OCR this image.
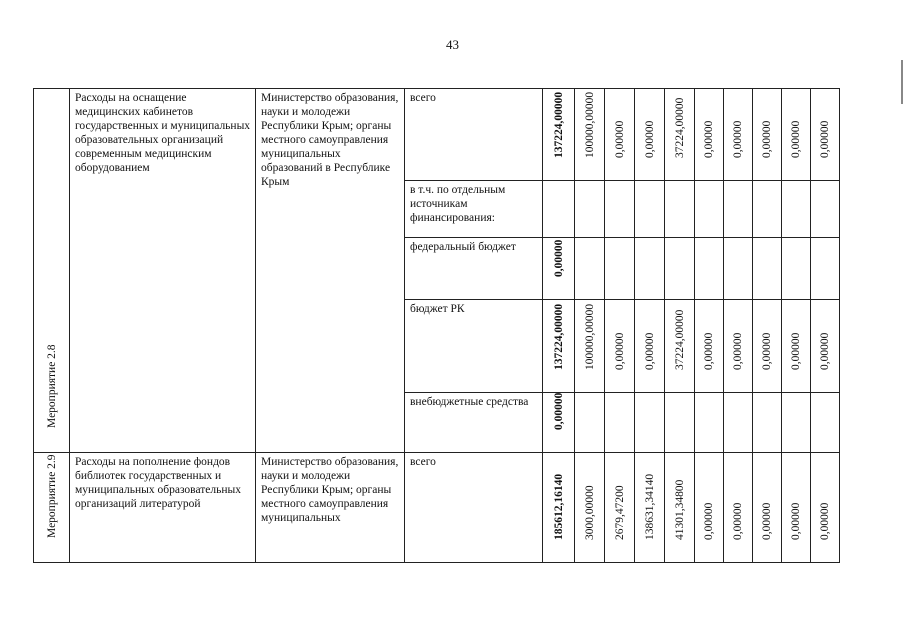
43
Мероприятие 2.8	Расходы на оснащение медицинских кабинетов государственных и муниципальных образовательных организаций современным медицинским оборудованием	Министерство образования, науки и молодежи Республики Крым; органы местного самоуправления муниципальных образований в Республике Крым	всего	137224,00000	100000,00000	0,00000	0,00000	37224,00000	0,00000	0,00000	0,00000	0,00000	0,00000

			в т.ч. по отдельным источникам финансирования:										

			федеральный бюджет	0,00000									

			бюджет РК	137224,00000	100000,00000	0,00000	0,00000	37224,00000	0,00000	0,00000	0,00000	0,00000	0,00000

			внебюджетные средства	0,00000									

Мероприятие 2.9	Расходы на пополнение фондов библиотек государственных и муниципальных образовательных организаций литературой	Министерство образования, науки и молодежи Республики Крым; органы местного самоуправления муниципальных	всего	185612,16140	3000,00000	2679,47200	138631,34140	41301,34800	0,00000	0,00000	0,00000	0,00000	0,00000
